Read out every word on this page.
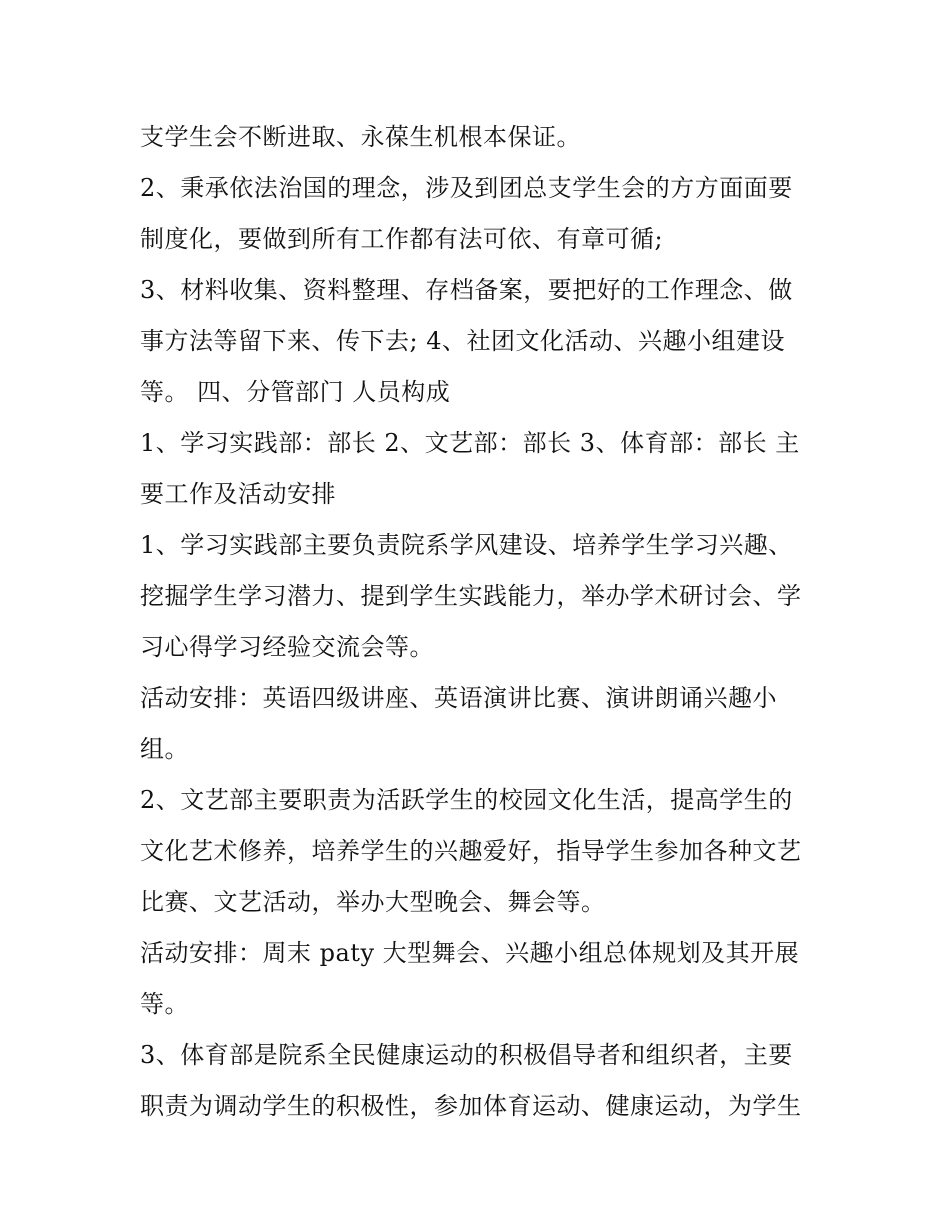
支学生会不断进取、永葆生机根本保证。
2、秉承依法治国的理念，涉及到团总支学生会的方方面面要
制度化，要做到所有工作都有法可依、有章可循;
3、材料收集、资料整理、存档备案，要把好的工作理念、做
事方法等留下来、传下去; 4、社团文化活动、兴趣小组建设
等。 四、分管部门 人员构成
1、学习实践部：部长 2、文艺部：部长 3、体育部：部长 主
要工作及活动安排
1、学习实践部主要负责院系学风建设、培养学生学习兴趣、
挖掘学生学习潜力、提到学生实践能力，举办学术研讨会、学
习心得学习经验交流会等。
活动安排：英语四级讲座、英语演讲比赛、演讲朗诵兴趣小
组。
2、文艺部主要职责为活跃学生的校园文化生活，提高学生的
文化艺术修养，培养学生的兴趣爱好，指导学生参加各种文艺
比赛、文艺活动，举办大型晚会、舞会等。
活动安排：周末 paty 大型舞会、兴趣小组总体规划及其开展
等。
3、体育部是院系全民健康运动的积极倡导者和组织者，主要
职责为调动学生的积极性，参加体育运动、健康运动，为学生
